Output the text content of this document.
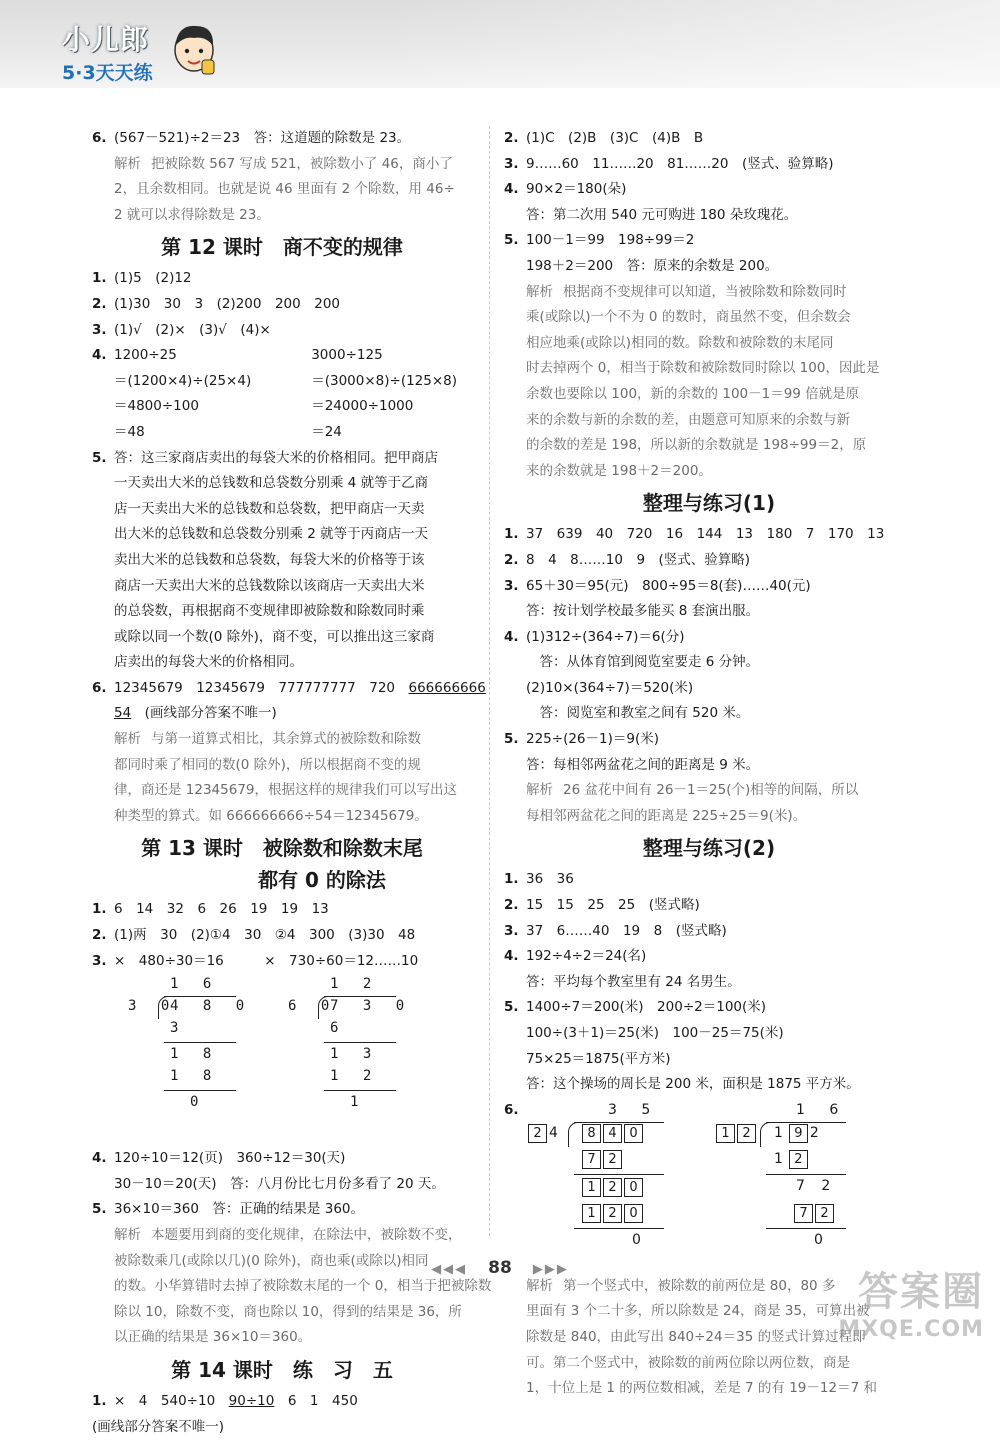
小儿郎
5·3天天练
6. (567－521)÷2＝23　答：这道题的除数是 23。
解析 把被除数 567 写成 521，被除数小了 46，商小了
2，且余数相同。也就是说 46 里面有 2 个除数，用 46÷
2 就可以求得除数是 23。
第 12 课时　商不变的规律
1. (1)5　(2)12
2. (1)30　30　3　(2)200　200　200
3. (1)√　(2)×　(3)√　(4)×
4. 1200÷25
＝(1200×4)÷(25×4)
＝4800÷100
＝48
3000÷125
＝(3000×8)÷(125×8)
＝24000÷1000
＝24
5. 答：这三家商店卖出的每袋大米的价格相同。把甲商店
一天卖出大米的总钱数和总袋数分别乘 4 就等于乙商
店一天卖出大米的总钱数和总袋数，把甲商店一天卖
出大米的总钱数和总袋数分别乘 2 就等于丙商店一天
卖出大米的总钱数和总袋数，每袋大米的价格等于该
商店一天卖出大米的总钱数除以该商店一天卖出大米
的总袋数，再根据商不变规律即被除数和除数同时乘
或除以同一个数(0 除外)，商不变，可以推出这三家商
店卖出的每袋大米的价格相同。
6. 12345679　12345679　777777777　720　666666666
54　(画线部分答案不唯一)
解析 与第一道算式相比，其余算式的被除数和除数
都同时乘了相同的数(0 除外)，所以根据商不变的规
律，商还是 12345679，根据这样的规律我们可以写出这
种类型的算式。如 666666666÷54＝12345679。
第 13 课时　被除数和除数末尾
都有 0 的除法
1. 6　14　32　6　26　19　19　13
2. (1)两　30　(2)①4　30　②4　300　(3)30　48
3. ×　480÷30＝16　　　×　730÷60＝12……10
1 6
3 0
4 8 0
3
1 8
1 8
0
1 2
6 0
7 3 0
6
1 3
1 2
1
4. 120÷10＝12(页)　360÷12＝30(天)
30－10＝20(天)　答：八月份比七月份多看了 20 天。
5. 36×10＝360　答：正确的结果是 360。
解析 本题要用到商的变化规律，在除法中，被除数不变，
被除数乘几(或除以几)(0 除外)，商也乘(或除以)相同
的数。小华算错时去掉了被除数末尾的一个 0，相当于把被除数
除以 10，除数不变，商也除以 10，得到的结果是 36，所
以正确的结果是 36×10＝360。
第 14 课时　练　习　五
1. ×　4　540÷10　90÷10　6　1　450
(画线部分答案不唯一)
2. (1)C　(2)B　(3)C　(4)B　B
3. 9……60　11……20　81……20　(竖式、验算略)
4. 90×2＝180(朵)
答：第二次用 540 元可购进 180 朵玫瑰花。
5. 100－1＝99　198÷99＝2
198＋2＝200　答：原来的余数是 200。
解析 根据商不变规律可以知道，当被除数和除数同时
乘(或除以)一个不为 0 的数时，商虽然不变，但余数会
相应地乘(或除以)相同的数。除数和被除数的末尾同
时去掉两个 0，相当于除数和被除数同时除以 100，因此是
余数也要除以 100，新的余数的 100－1＝99 倍就是原
来的余数与新的余数的差，由题意可知原来的余数与新
的余数的差是 198，所以新的余数就是 198÷99＝2，原
来的余数就是 198＋2＝200。
整理与练习(1)
1. 37　639　40　720　16　144　13　180　7　170　13
2. 8　4　8……10　9　(竖式、验算略)
3. 65＋30＝95(元)　800÷95＝8(套)……40(元)
答：按计划学校最多能买 8 套演出服。
4. (1)312÷(364÷7)＝6(分)
　答：从体育馆到阅览室要走 6 分钟。
(2)10×(364÷7)＝520(米)
　答：阅览室和教室之间有 520 米。
5. 225÷(26－1)＝9(米)
答：每相邻两盆花之间的距离是 9 米。
解析 26 盆花中间有 26－1＝25(个)相等的间隔，所以
每相邻两盆花之间的距离是 225÷25＝9(米)。
整理与练习(2)
1. 36　36
2. 15　15　25　25　(竖式略)
3. 37　6……40　19　8　(竖式略)
4. 192÷4÷2＝24(名)
答：平均每个教室里有 24 名男生。
5. 1400÷7＝200(米)　200÷2＝100(米)
100÷(3＋1)＝25(米)　100－25＝75(米)
75×25＝1875(平方米)
答：这个操场的周长是 200 米，面积是 1875 平方米。
6.	3 5
2 4	8 4 0
7 2
1 2 0
1 2 0
0
1 6
1 2	1 9 2
1 2
7 2
7 2
0
解析 第一个竖式中，被除数的前两位是 80，80 多
里面有 3 个二十多，所以除数是 24，商是 35，可算出被
除数是 840，由此写出 840÷24＝35 的竖式计算过程即
可。第二个竖式中，被除数的前两位除以两位数，商是
1，十位上是 1 的两位数相减，差是 7 的有 19－12＝7 和
◀◀◀ 88 ▶▶▶	答案圈
MXQE.COM
